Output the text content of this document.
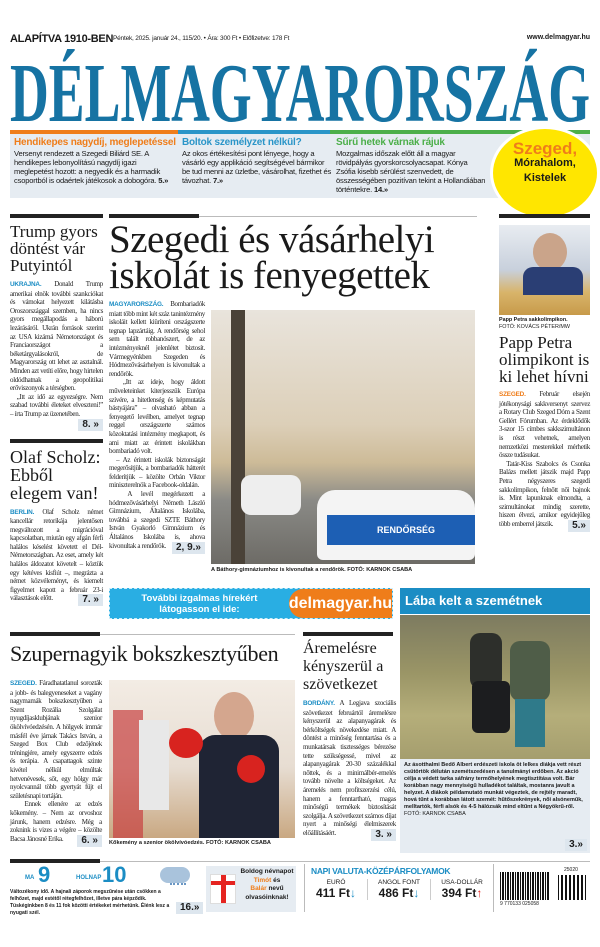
ALAPÍTVA 1910-BEN Péntek, 2025. január 24., 115/20. • Ára: 300 Ft • Előfizetve: 178 Ft	www.delmagyar.hu
DÉLMAGYARORSZÁG
Hendikepes nagydíj, meglepetéssel

Versenyt rendezett a Szegedi Biliárd SE. A hendikepes lebonyolítású nagydíj igazi meglepetést hozott: a negyedik és a harmadik csoportból is odaértek játékosok a dobogóra. 5.»

Boltok személyzet nélkül?

Az okos értékesítési pont lényege, hogy a vásárló egy applikáció segítségével bármikor be tud menni az üzletbe, vásárolhat, fizethet és távozhat. 7.»

Sűrű hetek várnak rájuk

Mozgalmas időszak előtt áll a magyar rövidpályás gyorskorcsolyacsapat. Kónya Zsófia kisebb sérülést szenvedett, de összességében pozitívan tekint a Hollandiában történtekre. 14.»

Szeged,
Mórahalom,
Kistelek
Trump gyors döntést vár Putyintól
UKRAJNA. Donald Trump amerikai elnök további szankciókat és vámokat helyezett kilátásba Oroszországgal szemben, ha nincs gyors megállapodás a háború lezárásáról. Ukrán források szerint az USA kizárná Németországot és Franciaországot a béketárgyalásokról, de Magyarország ott lehet az asztalnál. Minden azt vetíti előre, hogy hirtelen oldódhatnak a geopolitikai erőviszonyok a térségben.
„Itt az idő az egyezségre. Nem szabad további életeket elveszteni!” – írta Trump az üzenetében.
8. »
Olaf Scholz: Ebből elegem van!
BERLIN. Olaf Scholz német kancellár retorikája jelentősen megváltozott a migrációval kapcsolatban, miután egy afgán férfi halálos késelést követett el Dél-Németországban. Az eset, amely két halálos áldozatot követelt – köztük egy kétéves kisfiút –, megrázta a német közvéleményt, és kiemelt figyelmet kapott a február 23-i választások előtt.	7. »
Szegedi és vásárhelyi iskolát is fenyegettek
MAGYARORSZÁG. Bombariadók miatt több mint két száz tanintézmény iskoláit kellett kiüríteni országszerte tegnap lapzártáig. A rendőrség sehol sem talált robbanószert, de az intézményeknél jelenlétet biztosít. Vármegyénkben Szegeden és Hódmezővásárhelyen is kivonultak a rendőrök.
„Itt az ideje, hogy áldott műveleteinket kiterjesszük Európa szívére, a hitetlenség és képmutatás bástyájára” – olvasható abban a fenyegető levélben, amelyet tegnap reggel országszerte számos közoktatási intézmény megkapott, és ami miatt az érintett iskolákban bombariadó volt.
– Az érintett iskolák biztonságát megerősítjük, a bombariadók hátterét felderítjük – közölte Orbán Viktor miniszterelnök a Facebook-oldalán.
A levél megérkezett a hódmezővásárhelyi Németh László Gimnázium, Általános Iskolába, továbbá a szegedi SZTE Báthory István Gyakorló Gimnázium és Általános Iskolába is, ahova kivonultak a rendőrök.	2, 9.»
RENDŐRSÉG
A Báthory-gimnáziumhoz is kivonultak a rendőrök. FOTÓ: KARNOK CSABA
Papp Petra sakkolimpikon.
FOTÓ: KOVÁCS PÉTER/MW
Papp Petra olimpikont is ki lehet hívni
SZEGED. Február elsején jótékonysági sakkversenyt szervez a Rotary Club Szeged Dóm a Szent Gellért Fórumban. Az érdeklődők 3-szor 15 címbes sakkszimultánon is részt vehetnek, amelyen nemzetközi mesterekkel mérhetik össze tudásukat.
Tatár-Kiss Szabolcs és Csonka Balázs mellett játszik majd Papp Petra négyszeres szegedi sakkolimpikon, felnőtt női bajnok is. Mint lapunknak elmondta, a szimultánokat mindig szerette, hiszen élvezi, amikor egyidejűleg több emberrel játszik.	5.»
További izgalmas hírekért
látogasson el ide:	delmagyar.hu	Lába kelt a szemétnek
Az ásotthalmi Bedő Albert erdészeti iskola öt lelkes diákja vett részt csütörtök délután szemétszedésen a tanulmányi erdőben. Az akció célja a védett tarka sáfrány termőhelyének megtisztítása volt. Bár korábban nagy mennyiségű hulladékot találtak, mostanra javult a helyzet. A diákok példamutató munkát végeztek, de rejtély maradt, hová tűnt a korábban látott szemét: hűtőszekrények, női alsóneműk, melltartók, férfi alsók és 4-5 hálózsák mind eltűnt a Négyökrű-ről.
FOTÓ: KARNOK CSABA
3.»
Szupernagyik bokszkesztyűben
SZEGED. Fáradhatatlanul sorozták a jobb- és balegyeneseket a vagány nagymamák bokszkesztyűben a Szent Rozália Szolgálat nyugdíjasklubjának szenior ökölvívóedzésén. A hölgyek immár másfél éve járnak Takács István, a Szeged Box Club edzőjének tréningjére, amely egyszerre edzés és terápia. A csapattagok szinte kivétel nélkül elmúltak hetvenévesek, sőt, egy hölgy már nyolcvannál több gyertyát fújt el születésnapi tortáján.
Ennek ellenére az edzés kőkemény. – Nem az orvoshoz járunk, hanem edzésre. Még a zoknink is vizes a végére – közölte Bacsa Jánosné Erika.	6. »	Kőkemény a szenior ökölvívóedzés. FOTÓ: KARNOK CSABA
Áremelésre kényszerül a szövetkezet
BORDÁNY. A Legjava szociális szövetkezet februártól áremelésre kényszerül az alapanyagárak és bérköltségek növekedése miatt. A döntést a minőség fenntartása és a munkatársak tisztességes bérezése tette szükségessé, mivel az alapanyagárak 20-30 százalékkal nőttek, és a minimálbér-emelés tovább növelte a költségeket. Az áremelés nem profitszerzési célú, hanem a fenntartható, magas minőségű termékek biztosítását szolgálja. A szövetkezet számos díjat nyert a minőségi élelmiszerek előállításáért.	3. »
MA 9	HOLNAP 10
Változékony idő. A hajnali záporok megszűnése után csökken a felhőzet, majd estétől rétegfelhőzet, illetve pára képződik. Tüskéginkben 8 és 11 fok közötti értékeket mérhetünk. Élénk lesz a nyugati szél.	16.»
Boldog névnapot
Timót és
Balár nevű
olvasóinknak!
NAPI VALUTA-KÖZÉPÁRFOLYAMOK
EURÓ
411 Ft↓
ANGOL FONT
486 Ft↓
USA-DOLLÁR
394 Ft↑
25020
9 770133 025058
